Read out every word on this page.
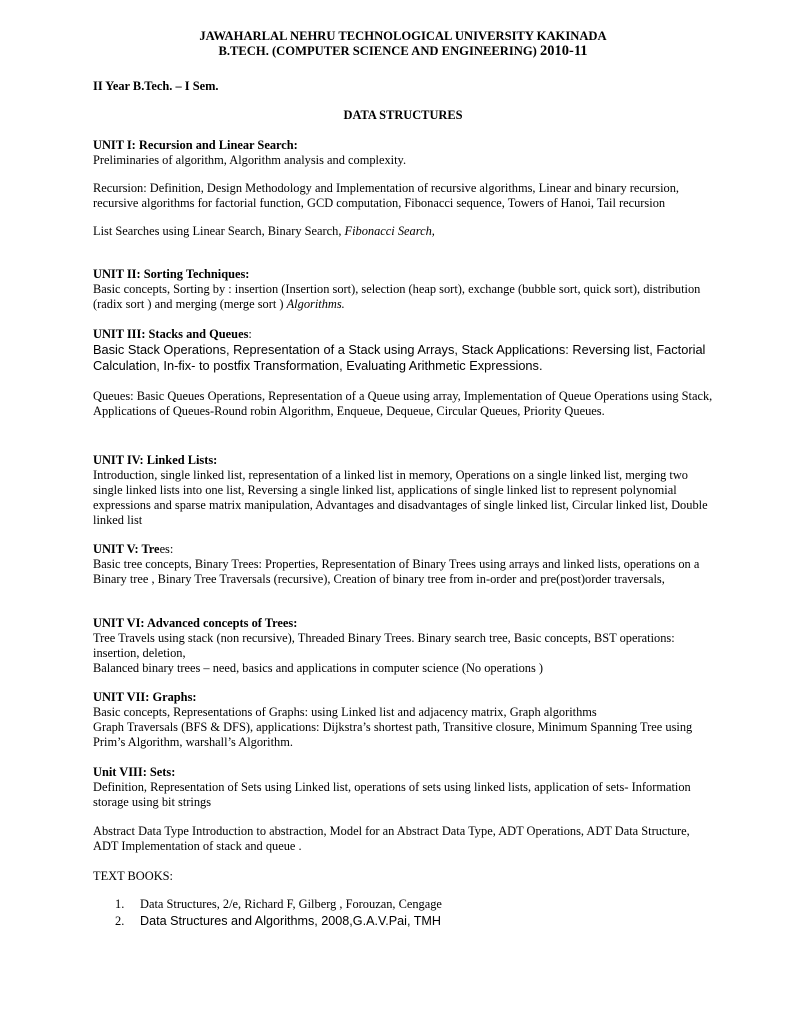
JAWAHARLAL NEHRU TECHNOLOGICAL UNIVERSITY KAKINADA
B.TECH. (COMPUTER SCIENCE AND ENGINEERING) 2010-11
II Year B.Tech. – I Sem.
DATA STRUCTURES
UNIT I: Recursion and Linear Search:

Preliminaries of algorithm, Algorithm analysis and complexity.

Recursion: Definition, Design Methodology and Implementation of recursive algorithms, Linear and binary recursion, recursive algorithms for factorial function, GCD computation, Fibonacci sequence, Towers of Hanoi, Tail recursion

List Searches using Linear Search, Binary Search, Fibonacci Search,

UNIT II: Sorting Techniques:

Basic concepts, Sorting by : insertion (Insertion sort), selection (heap sort), exchange (bubble sort, quick sort), distribution (radix sort ) and merging (merge sort ) Algorithms.

UNIT III: Stacks and Queues:

Basic Stack Operations, Representation of a Stack using Arrays, Stack Applications: Reversing list, Factorial Calculation, In-fix- to postfix Transformation, Evaluating Arithmetic Expressions.

Queues: Basic Queues Operations, Representation of a Queue using array, Implementation of Queue Operations using Stack, Applications of Queues-Round robin Algorithm, Enqueue, Dequeue, Circular Queues, Priority Queues.

UNIT IV: Linked Lists:

Introduction, single linked list, representation of a linked list in memory, Operations on a single linked list, merging two single linked lists into one list, Reversing a single linked list, applications of single linked list to represent polynomial expressions and sparse matrix manipulation, Advantages and disadvantages of single linked list, Circular linked list, Double linked list

UNIT V: Trees:

Basic tree concepts, Binary Trees: Properties, Representation of Binary Trees using arrays and linked lists, operations on a Binary tree , Binary Tree Traversals (recursive), Creation of binary tree from in-order and pre(post)order traversals,

UNIT VI: Advanced concepts of Trees:

Tree Travels using stack (non recursive), Threaded Binary Trees. Binary search tree, Basic concepts, BST operations: insertion, deletion,

Balanced binary trees – need, basics and applications in computer science (No operations )

UNIT VII: Graphs:

Basic concepts, Representations of Graphs: using Linked list and adjacency matrix, Graph algorithms

Graph Traversals (BFS & DFS), applications: Dijkstra’s shortest path, Transitive closure, Minimum Spanning Tree using Prim’s Algorithm, warshall’s Algorithm.

Unit VIII: Sets:

Definition, Representation of Sets using Linked list, operations of sets using linked lists, application of sets- Information storage using bit strings

Abstract Data Type Introduction to abstraction, Model for an Abstract Data Type, ADT Operations, ADT Data Structure, ADT Implementation of stack and queue .

TEXT BOOKS:
1. Data Structures, 2/e, Richard F, Gilberg , Forouzan, Cengage
2. Data Structures and Algorithms, 2008,G.A.V.Pai, TMH
